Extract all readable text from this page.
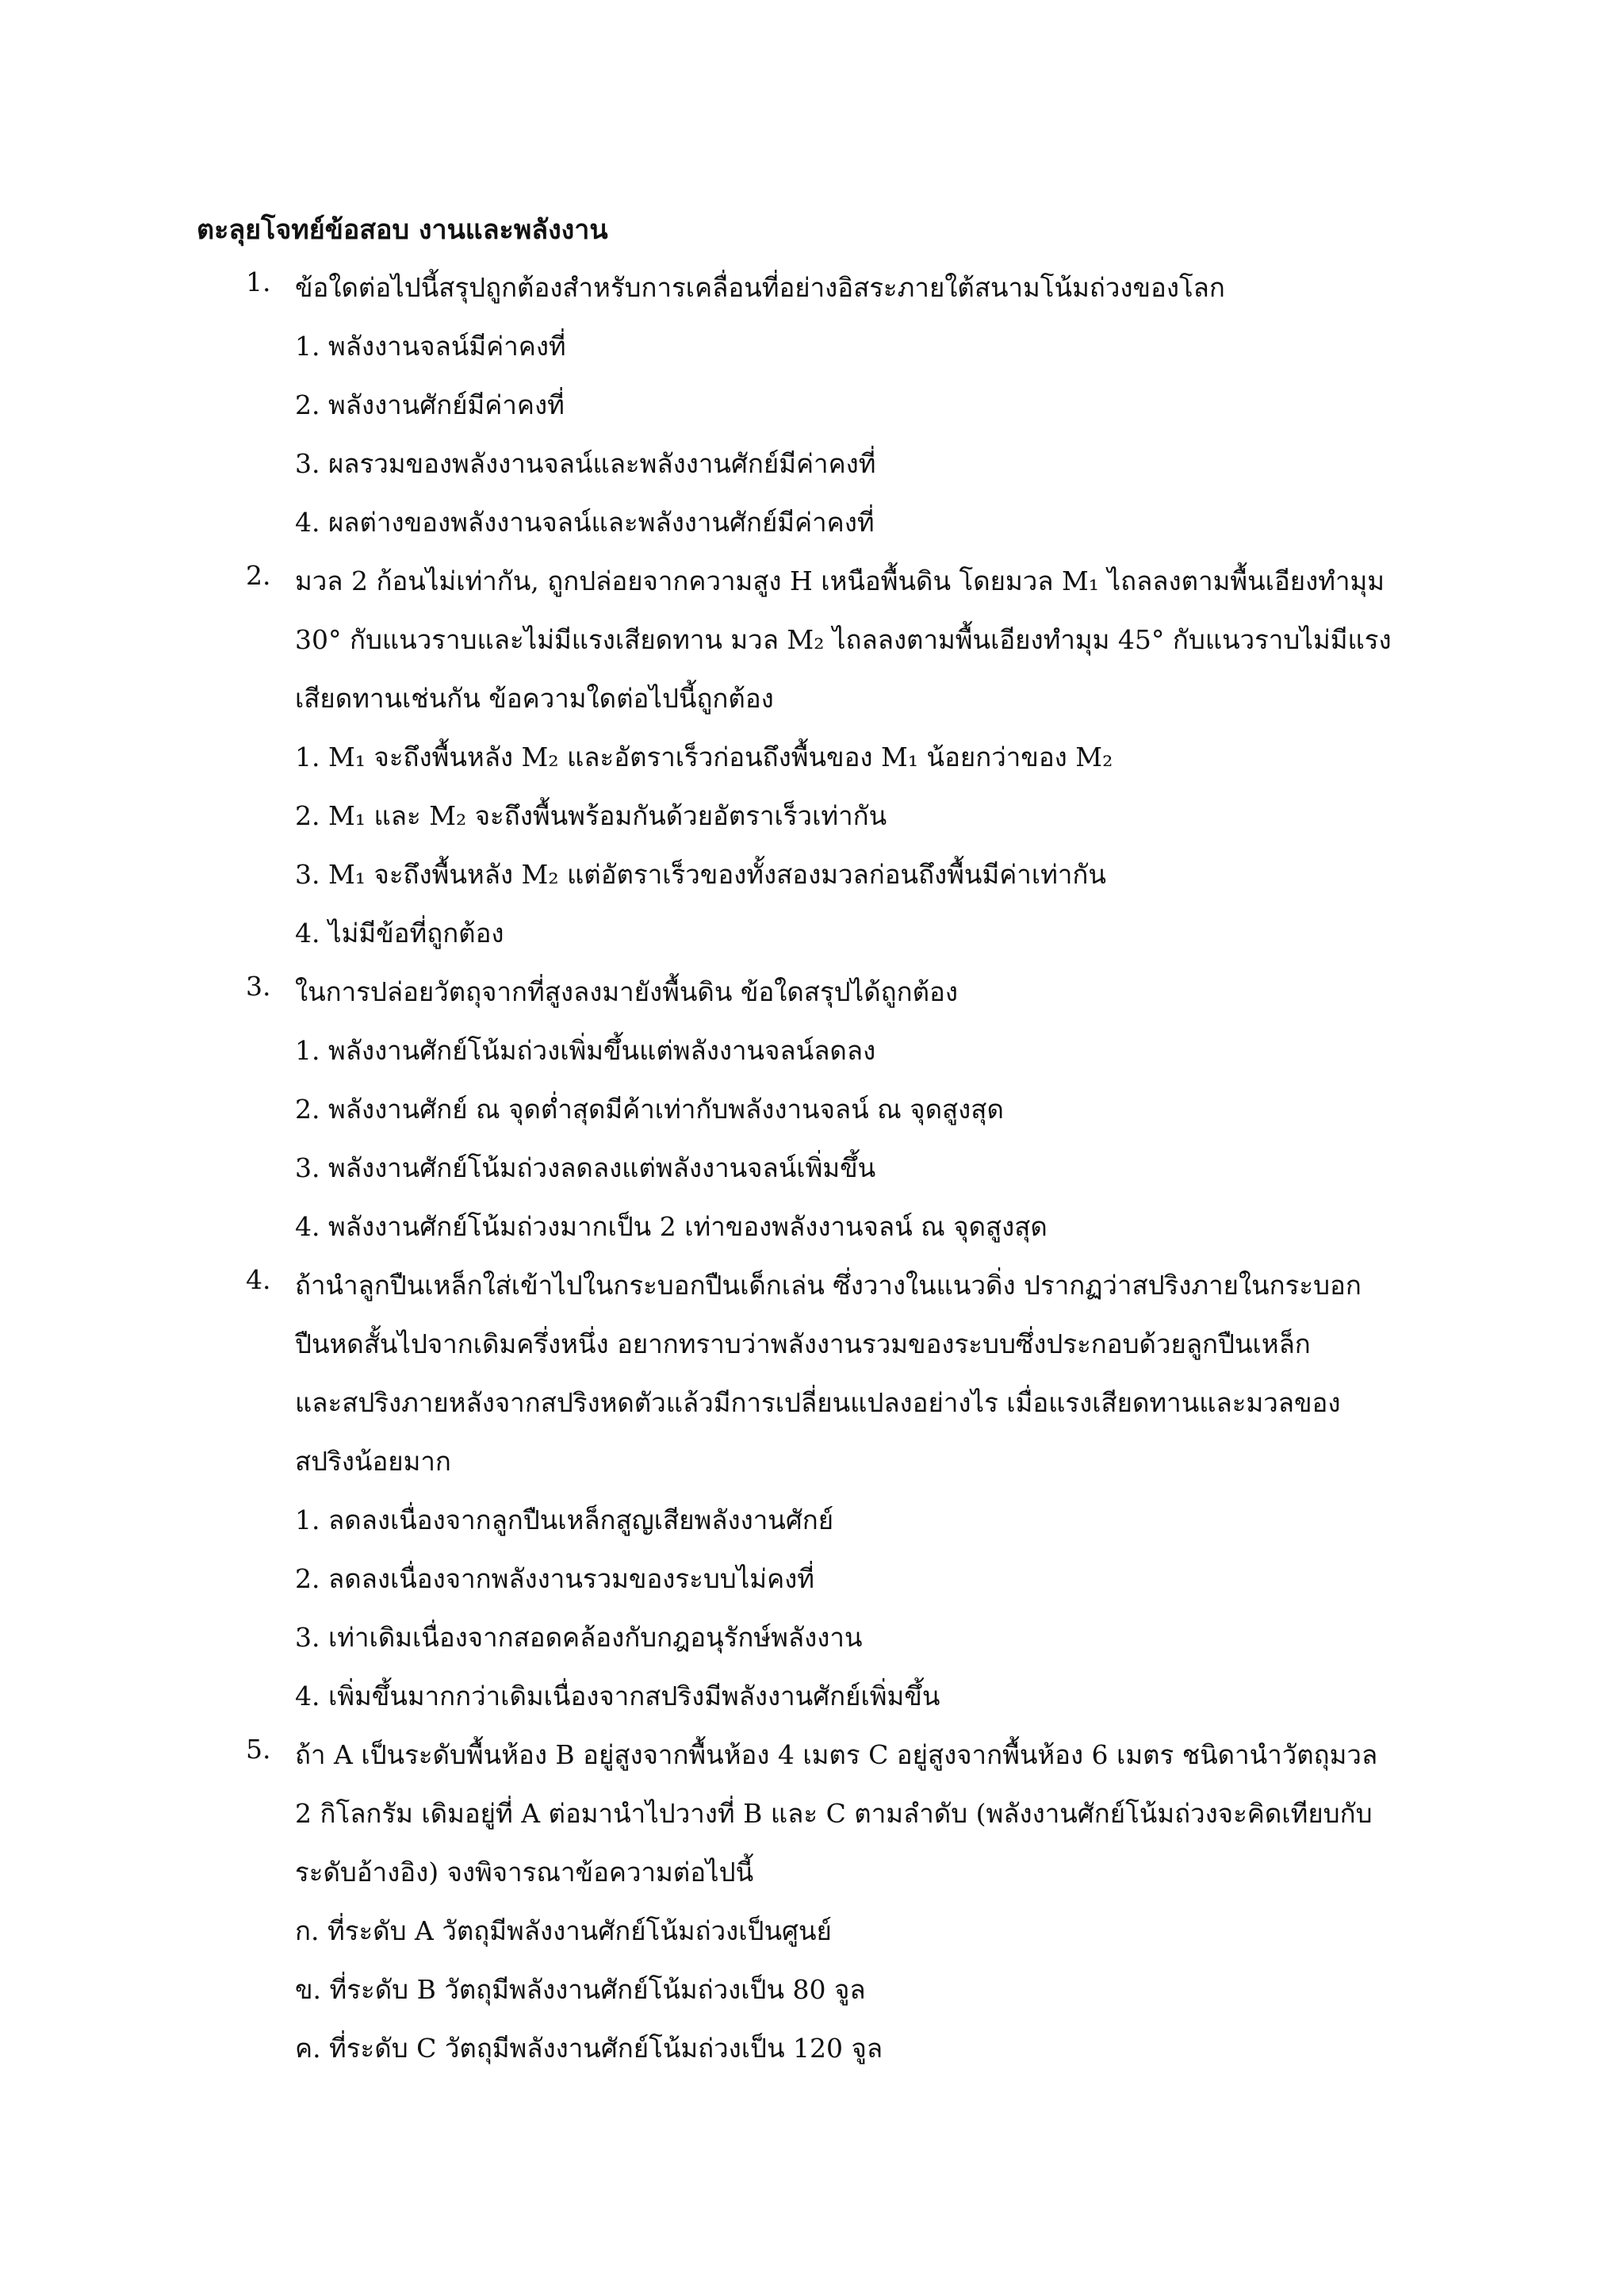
ตะลุยโจทย์ข้อสอบ งานและพลังงาน
1. ข้อใดต่อไปนี้สรุปถูกต้องสำหรับการเคลื่อนที่อย่างอิสระภายใต้สนามโน้มถ่วงของโลก
1. พลังงานจลน์มีค่าคงที่
2. พลังงานศักย์มีค่าคงที่
3. ผลรวมของพลังงานจลน์และพลังงานศักย์มีค่าคงที่
4. ผลต่างของพลังงานจลน์และพลังงานศักย์มีค่าคงที่
2. มวล 2 ก้อนไม่เท่ากัน, ถูกปล่อยจากความสูง H เหนือพื้นดิน โดยมวล M₁ ไถลลงตามพื้นเอียงทำมุม
30° กับแนวราบและไม่มีแรงเสียดทาน มวล M₂ ไถลลงตามพื้นเอียงทำมุม 45° กับแนวราบไม่มีแรง
เสียดทานเช่นกัน ข้อความใดต่อไปนี้ถูกต้อง
1. M₁ จะถึงพื้นหลัง M₂ และอัตราเร็วก่อนถึงพื้นของ M₁ น้อยกว่าของ M₂
2. M₁ และ M₂ จะถึงพื้นพร้อมกันด้วยอัตราเร็วเท่ากัน
3. M₁ จะถึงพื้นหลัง M₂ แต่อัตราเร็วของทั้งสองมวลก่อนถึงพื้นมีค่าเท่ากัน
4. ไม่มีข้อที่ถูกต้อง
3. ในการปล่อยวัตถุจากที่สูงลงมายังพื้นดิน ข้อใดสรุปได้ถูกต้อง
1. พลังงานศักย์โน้มถ่วงเพิ่มขึ้นแต่พลังงานจลน์ลดลง
2. พลังงานศักย์ ณ จุดต่ำสุดมีค้าเท่ากับพลังงานจลน์ ณ จุดสูงสุด
3. พลังงานศักย์โน้มถ่วงลดลงแต่พลังงานจลน์เพิ่มขึ้น
4. พลังงานศักย์โน้มถ่วงมากเป็น 2 เท่าของพลังงานจลน์ ณ จุดสูงสุด
4. ถ้านำลูกปืนเหล็กใส่เข้าไปในกระบอกปืนเด็กเล่น ซึ่งวางในแนวดิ่ง ปรากฏว่าสปริงภายในกระบอก
ปืนหดสั้นไปจากเดิมครึ่งหนึ่ง อยากทราบว่าพลังงานรวมของระบบซึ่งประกอบด้วยลูกปืนเหล็ก
และสปริงภายหลังจากสปริงหดตัวแล้วมีการเปลี่ยนแปลงอย่างไร เมื่อแรงเสียดทานและมวลของ
สปริงน้อยมาก
1. ลดลงเนื่องจากลูกปืนเหล็กสูญเสียพลังงานศักย์
2. ลดลงเนื่องจากพลังงานรวมของระบบไม่คงที่
3. เท่าเดิมเนื่องจากสอดคล้องกับกฎอนุรักษ์พลังงาน
4. เพิ่มขึ้นมากกว่าเดิมเนื่องจากสปริงมีพลังงานศักย์เพิ่มขึ้น
5. ถ้า A เป็นระดับพื้นห้อง B อยู่สูงจากพื้นห้อง 4 เมตร C อยู่สูงจากพื้นห้อง 6 เมตร ชนิดานำวัตถุมวล
2 กิโลกรัม เดิมอยู่ที่ A ต่อมานำไปวางที่ B และ C ตามลำดับ (พลังงานศักย์โน้มถ่วงจะคิดเทียบกับ
ระดับอ้างอิง) จงพิจารณาข้อความต่อไปนี้
ก. ที่ระดับ A วัตถุมีพลังงานศักย์โน้มถ่วงเป็นศูนย์
ข. ที่ระดับ B วัตถุมีพลังงานศักย์โน้มถ่วงเป็น 80 จูล
ค. ที่ระดับ C วัตถุมีพลังงานศักย์โน้มถ่วงเป็น 120 จูล
